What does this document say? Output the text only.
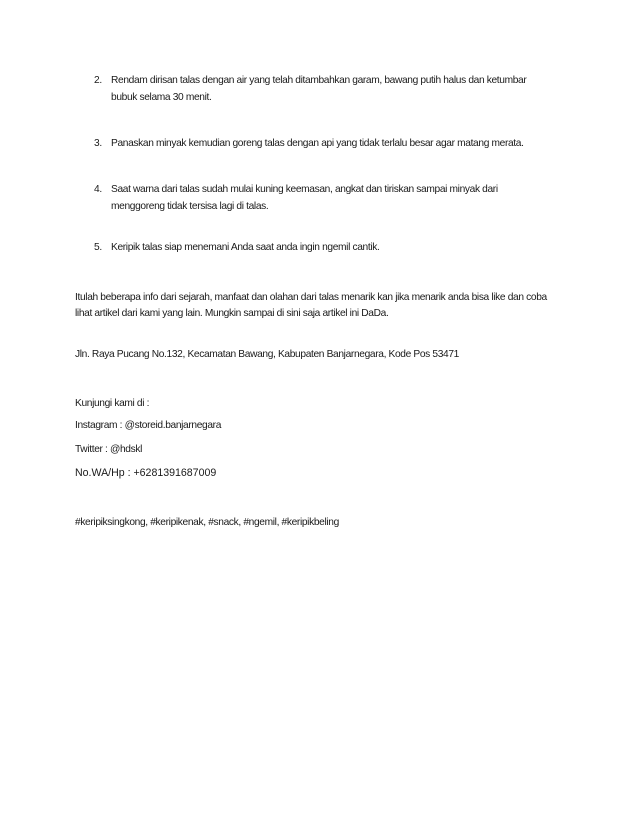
2. Rendam dirisan talas dengan air yang telah ditambahkan garam, bawang putih halus dan ketumbar bubuk selama 30 menit.
3. Panaskan minyak kemudian goreng talas dengan api yang tidak terlalu besar agar matang merata.
4. Saat warna dari talas sudah mulai kuning keemasan, angkat dan tiriskan sampai minyak dari menggoreng tidak tersisa lagi di talas.
5. Keripik talas siap menemani Anda saat anda ingin ngemil cantik.
Itulah beberapa info dari sejarah, manfaat dan olahan dari talas menarik kan jika menarik anda bisa like dan coba lihat artikel dari kami yang lain. Mungkin sampai di sini saja artikel ini DaDa.
Jln. Raya Pucang No.132, Kecamatan Bawang, Kabupaten Banjarnegara, Kode Pos 53471
Kunjungi kami di :
Instagram : @storeid.banjarnegara
Twitter : @hdskl
No.WA/Hp : +6281391687009
#keripiksingkong, #keripikenak, #snack, #ngemil, #keripikbeling
